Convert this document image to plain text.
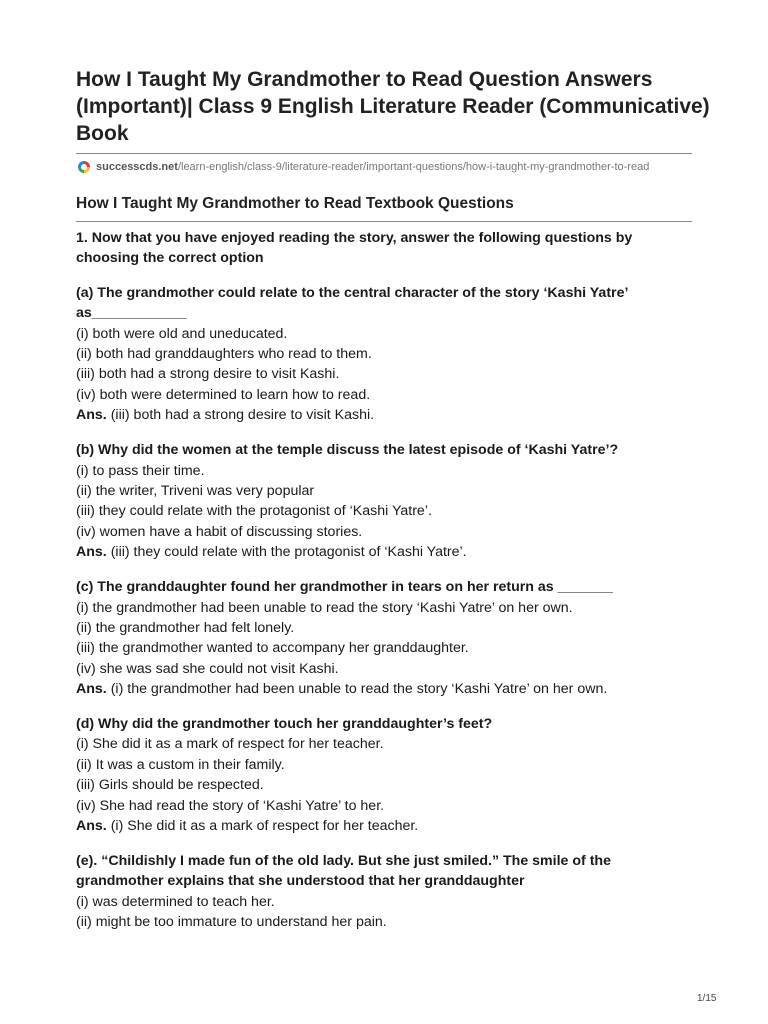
How I Taught My Grandmother to Read Question Answers (Important)| Class 9 English Literature Reader (Communicative) Book
successcds.net/learn-english/class-9/literature-reader/important-questions/how-i-taught-my-grandmother-to-read
How I Taught My Grandmother to Read Textbook Questions

1. Now that you have enjoyed reading the story, answer the following questions by choosing the correct option

(a) The grandmother could relate to the central character of the story ‘Kashi Yatre’ as____________

(i) both were old and uneducated.

(ii) both had granddaughters who read to them.

(iii) both had a strong desire to visit Kashi.

(iv) both were determined to learn how to read.

Ans. (iii) both had a strong desire to visit Kashi.

(b) Why did the women at the temple discuss the latest episode of ‘Kashi Yatre’?

(i) to pass their time.

(ii) the writer, Triveni was very popular

(iii) they could relate with the protagonist of ‘Kashi Yatre’.

(iv) women have a habit of discussing stories.

Ans. (iii) they could relate with the protagonist of ‘Kashi Yatre’.

(c) The granddaughter found her grandmother in tears on her return as _______

(i) the grandmother had been unable to read the story ‘Kashi Yatre’ on her own.

(ii) the grandmother had felt lonely.

(iii) the grandmother wanted to accompany her granddaughter.

(iv) she was sad she could not visit Kashi.

Ans. (i) the grandmother had been unable to read the story ‘Kashi Yatre’ on her own.

(d) Why did the grandmother touch her granddaughter’s feet?

(i) She did it as a mark of respect for her teacher.

(ii) It was a custom in their family.

(iii) Girls should be respected.

(iv) She had read the story of ‘Kashi Yatre’ to her.

Ans. (i) She did it as a mark of respect for her teacher.

(e). “Childishly I made fun of the old lady. But she just smiled.” The smile of the grandmother explains that she understood that her granddaughter

(i) was determined to teach her.

(ii) might be too immature to understand her pain.

1/15
